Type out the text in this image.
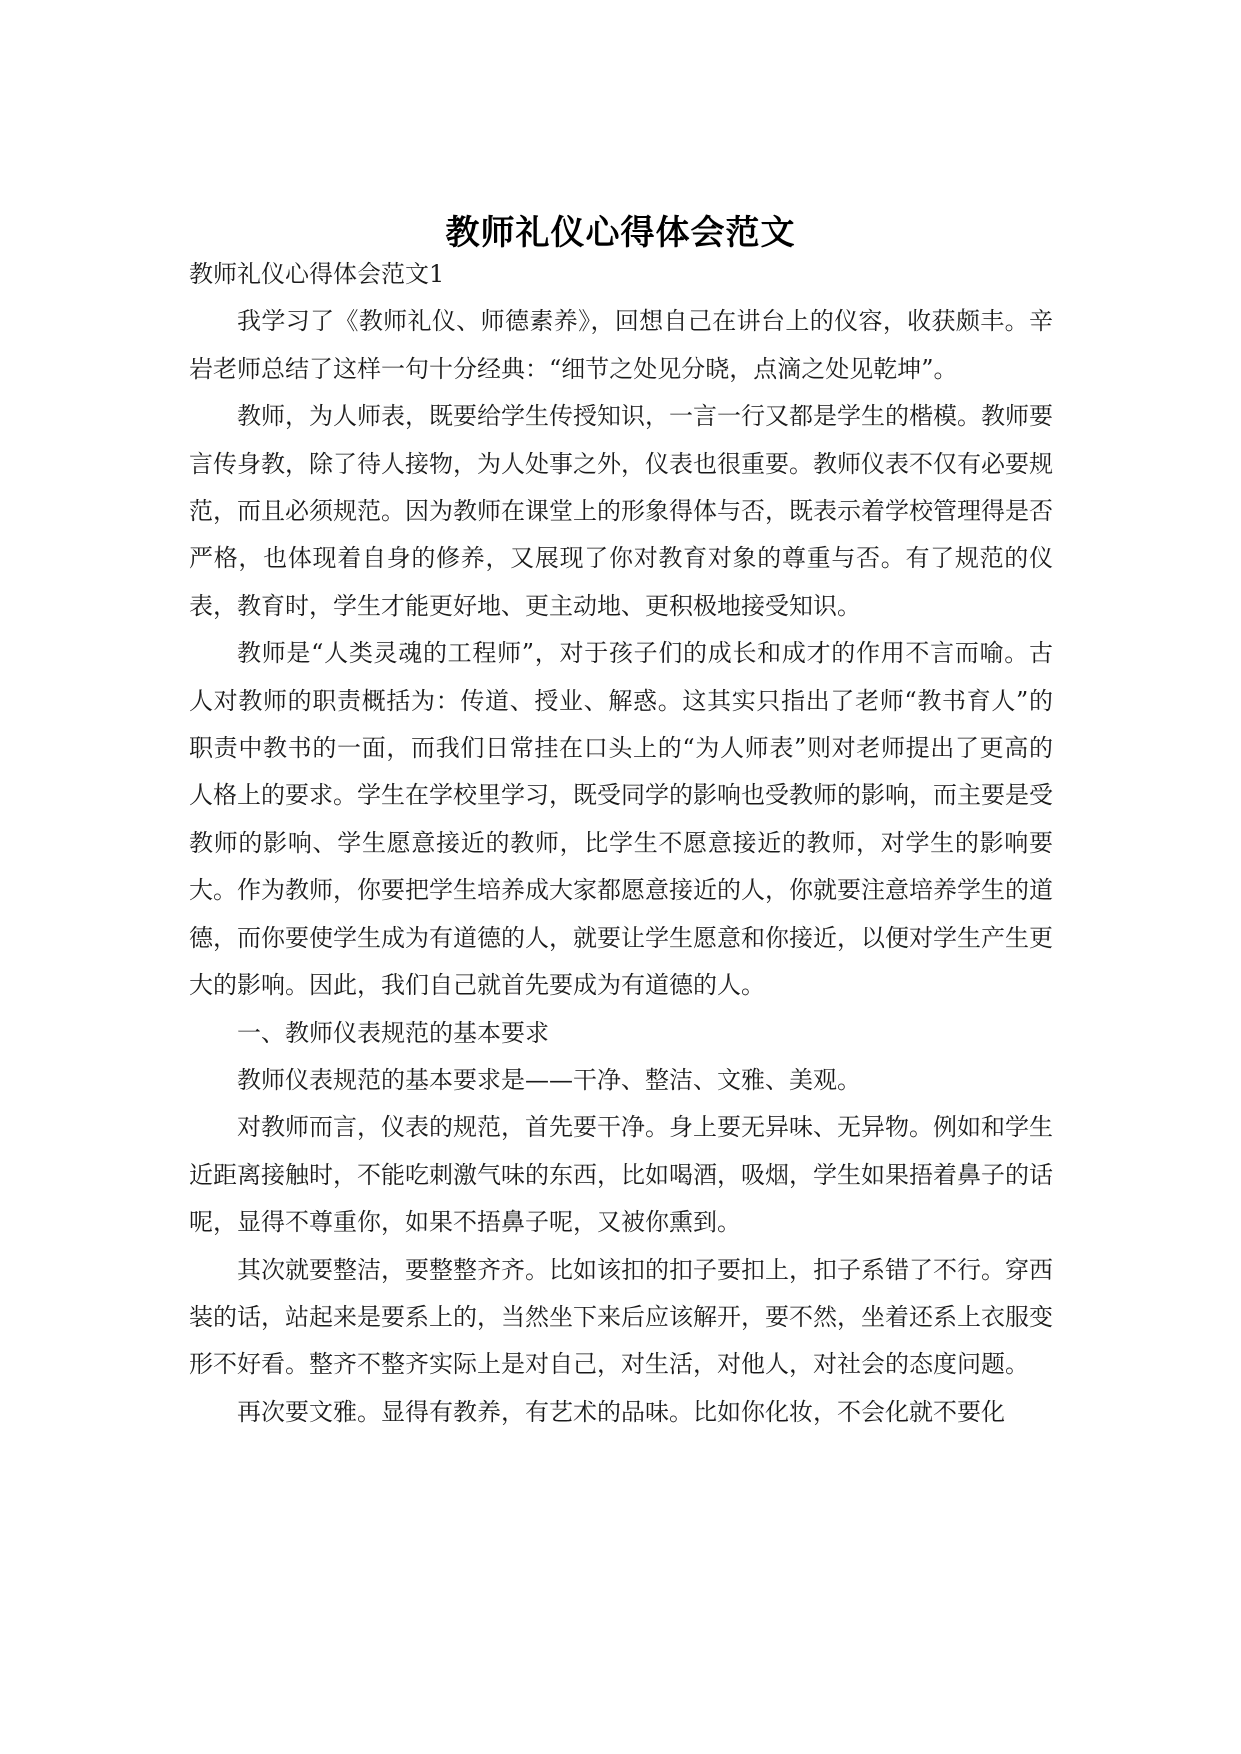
教师礼仪心得体会范文

教师礼仪心得体会范文1

我学习了《教师礼仪、师德素养》，回想自己在讲台上的仪容，收获颇丰。辛岩老师总结了这样一句十分经典：“细节之处见分晓，点滴之处见乾坤”。

教师，为人师表，既要给学生传授知识，一言一行又都是学生的楷模。教师要言传身教，除了待人接物，为人处事之外，仪表也很重要。教师仪表不仅有必要规范，而且必须规范。因为教师在课堂上的形象得体与否，既表示着学校管理得是否严格，也体现着自身的修养，又展现了你对教育对象的尊重与否。有了规范的仪表，教育时，学生才能更好地、更主动地、更积极地接受知识。

教师是“人类灵魂的工程师”，对于孩子们的成长和成才的作用不言而喻。古人对教师的职责概括为：传道、授业、解惑。这其实只指出了老师“教书育人”的职责中教书的一面，而我们日常挂在口头上的“为人师表”则对老师提出了更高的人格上的要求。学生在学校里学习，既受同学的影响也受教师的影响，而主要是受教师的影响、学生愿意接近的教师，比学生不愿意接近的教师，对学生的影响要大。作为教师，你要把学生培养成大家都愿意接近的人，你就要注意培养学生的道德，而你要使学生成为有道德的人，就要让学生愿意和你接近，以便对学生产生更大的影响。因此，我们自己就首先要成为有道德的人。

一、教师仪表规范的基本要求

教师仪表规范的基本要求是——干净、整洁、文雅、美观。

对教师而言，仪表的规范，首先要干净。身上要无异味、无异物。例如和学生近距离接触时，不能吃刺激气味的东西，比如喝酒，吸烟，学生如果捂着鼻子的话呢，显得不尊重你，如果不捂鼻子呢，又被你熏到。

其次就要整洁，要整整齐齐。比如该扣的扣子要扣上，扣子系错了不行。穿西装的话，站起来是要系上的，当然坐下来后应该解开，要不然，坐着还系上衣服变形不好看。整齐不整齐实际上是对自己，对生活，对他人，对社会的态度问题。

再次要文雅。显得有教养，有艺术的品味。比如你化妆，不会化就不要化
